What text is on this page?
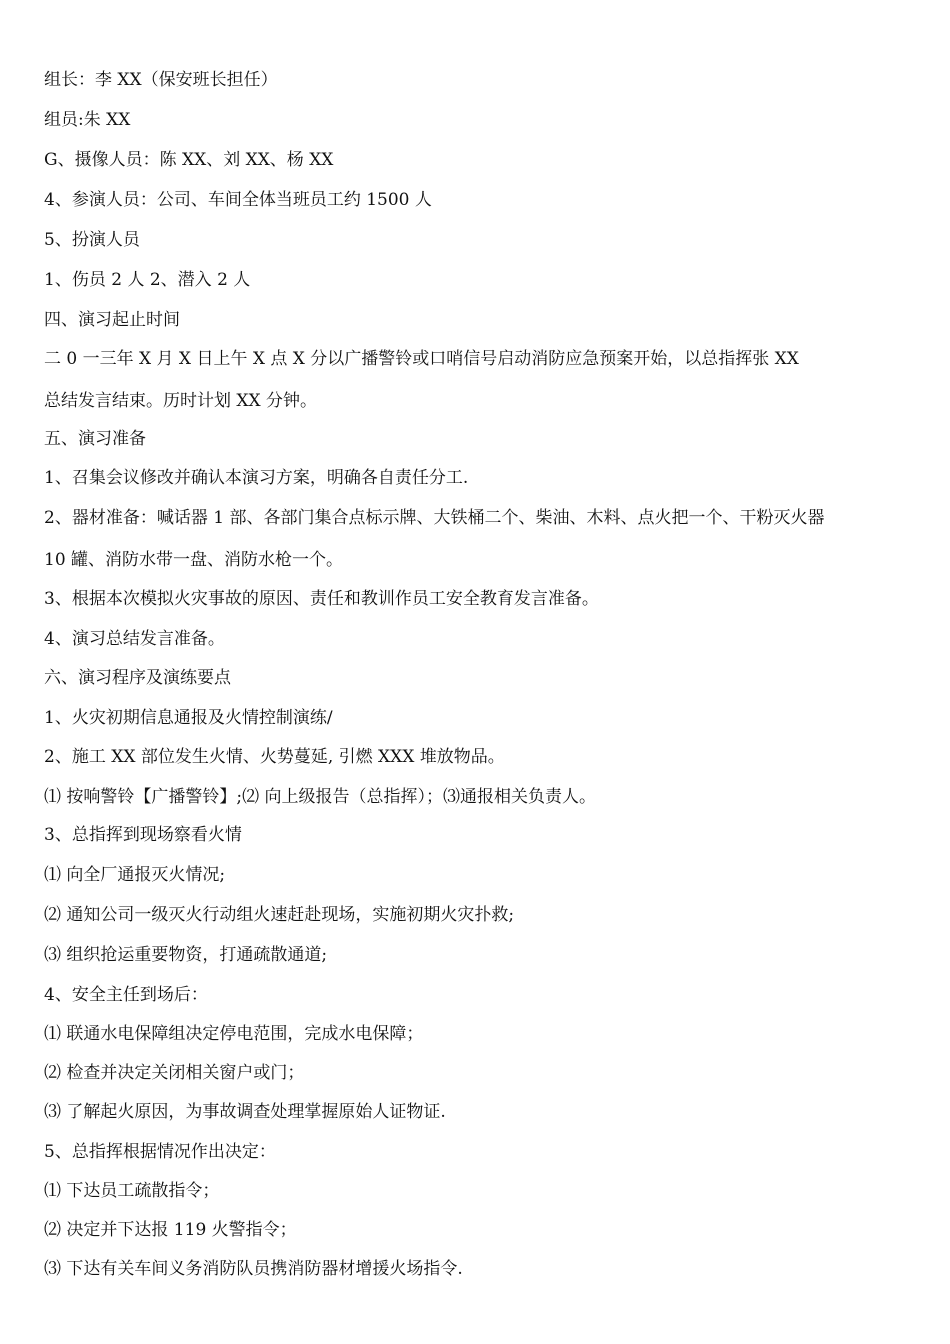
组长：李 XX（保安班长担任）
组员:朱 XX
G、摄像人员：陈 XX、刘 XX、杨 XX
4、参演人员：公司、车间全体当班员工约 1500 人
5、扮演人员
1、伤员 2 人 2、潜入 2 人
四、演习起止时间
二 0 一三年 X 月 X 日上午 X 点 X 分以广播警铃或口哨信号启动消防应急预案开始，以总指挥张 XX
总结发言结束。历时计划 XX 分钟。
五、演习准备
1、召集会议修改并确认本演习方案，明确各自责任分工.
2、器材准备：喊话器 1 部、各部门集合点标示牌、大铁桶二个、柴油、木料、点火把一个、干粉灭火器
10 罐、消防水带一盘、消防水枪一个。
3、根据本次模拟火灾事故的原因、责任和教训作员工安全教育发言准备。
4、演习总结发言准备。
六、演习程序及演练要点
1、火灾初期信息通报及火情控制演练/
2、施工 XX 部位发生火情、火势蔓延, 引燃 XXX 堆放物品。
⑴ 按响警铃【广播警铃】;⑵ 向上级报告（总指挥）；⑶通报相关负责人。
3、总指挥到现场察看火情
⑴ 向全厂通报灭火情况;
⑵ 通知公司一级灭火行动组火速赶赴现场，实施初期火灾扑救;
⑶ 组织抢运重要物资，打通疏散通道;
4、安全主任到场后：
⑴ 联通水电保障组决定停电范围，完成水电保障；
⑵ 检查并决定关闭相关窗户或门；
⑶ 了解起火原因，为事故调查处理掌握原始人证物证.
5、总指挥根据情况作出决定：
⑴ 下达员工疏散指令；
⑵ 决定并下达报 119 火警指令；
⑶ 下达有关车间义务消防队员携消防器材增援火场指令.
